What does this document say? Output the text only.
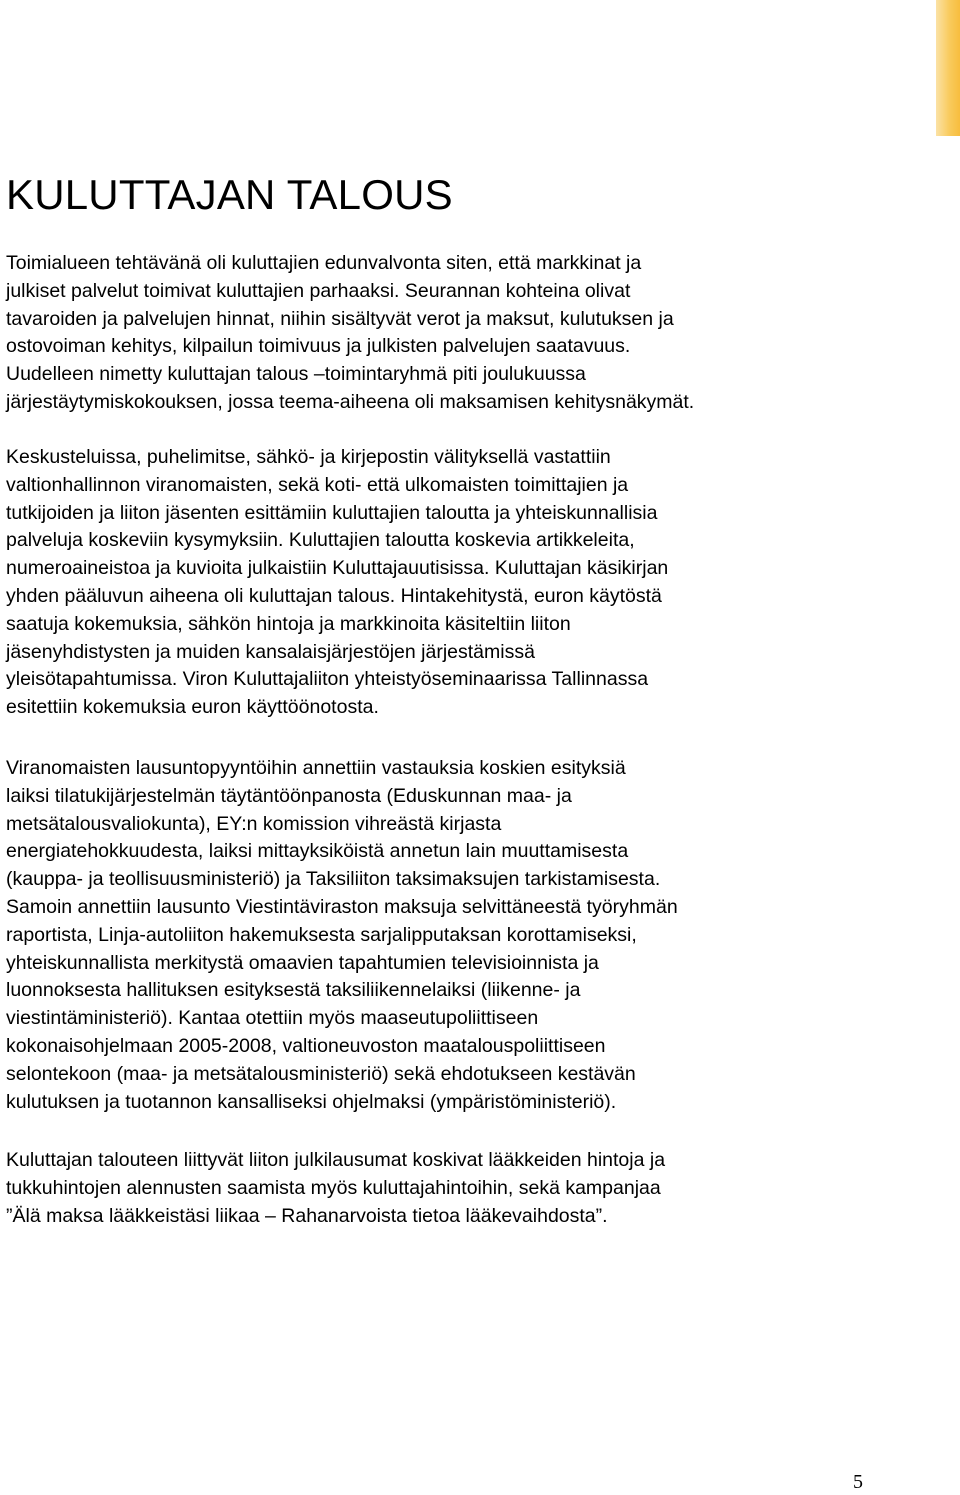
KULUTTAJAN TALOUS

Toimialueen tehtävänä oli kuluttajien edunvalvonta siten, että markkinat ja
julkiset palvelut toimivat kuluttajien parhaaksi. Seurannan kohteina olivat
tavaroiden ja palvelujen hinnat, niihin sisältyvät verot ja maksut, kulutuksen ja
ostovoiman kehitys, kilpailun toimivuus ja julkisten palvelujen saatavuus.
Uudelleen nimetty kuluttajan talous –toimintaryhmä piti joulukuussa
järjestäytymiskokouksen, jossa teema-aiheena oli maksamisen kehitysnäkymät.

Keskusteluissa, puhelimitse, sähkö- ja kirjepostin välityksellä vastattiin
valtionhallinnon viranomaisten, sekä koti- että ulkomaisten toimittajien ja
tutkijoiden ja liiton jäsenten esittämiin kuluttajien taloutta ja yhteiskunnallisia
palveluja koskeviin kysymyksiin. Kuluttajien taloutta koskevia artikkeleita,
numeroaineistoa ja kuvioita julkaistiin Kuluttajauutisissa. Kuluttajan käsikirjan
yhden pääluvun aiheena oli kuluttajan talous. Hintakehitystä, euron käytöstä
saatuja kokemuksia, sähkön hintoja ja markkinoita käsiteltiin liiton
jäsenyhdistysten ja muiden kansalaisjärjestöjen järjestämissä
yleisötapahtumissa. Viron Kuluttajaliiton yhteistyöseminaarissa Tallinnassa
esitettiin kokemuksia euron käyttöönotosta.

Viranomaisten lausuntopyyntöihin annettiin vastauksia koskien esityksiä
laiksi tilatukijärjestelmän täytäntöönpanosta (Eduskunnan maa- ja
metsätalousvaliokunta), EY:n komission vihreästä kirjasta
energiatehokkuudesta, laiksi mittayksiköistä annetun lain muuttamisesta
(kauppa- ja teollisuusministeriö) ja Taksiliiton taksimaksujen tarkistamisesta.
Samoin annettiin lausunto Viestintäviraston maksuja selvittäneestä työryhmän
raportista, Linja-autoliiton hakemuksesta sarjalipputaksan korottamiseksi,
yhteiskunnallista merkitystä omaavien tapahtumien televisioinnista ja
luonnoksesta hallituksen esityksestä taksiliikennelaiksi (liikenne- ja
viestintäministeriö). Kantaa otettiin myös maaseutupoliittiseen
kokonaisohjelmaan 2005-2008, valtioneuvoston maatalouspoliittiseen
selontekoon (maa- ja metsätalousministeriö) sekä ehdotukseen kestävän
kulutuksen ja tuotannon kansalliseksi ohjelmaksi (ympäristöministeriö).

Kuluttajan talouteen liittyvät liiton julkilausumat koskivat lääkkeiden hintoja ja
tukkuhintojen alennusten saamista myös kuluttajahintoihin, sekä kampanjaa
”Älä maksa lääkkeistäsi liikaa – Rahanarvoista tietoa lääkevaihdosta”.

5
